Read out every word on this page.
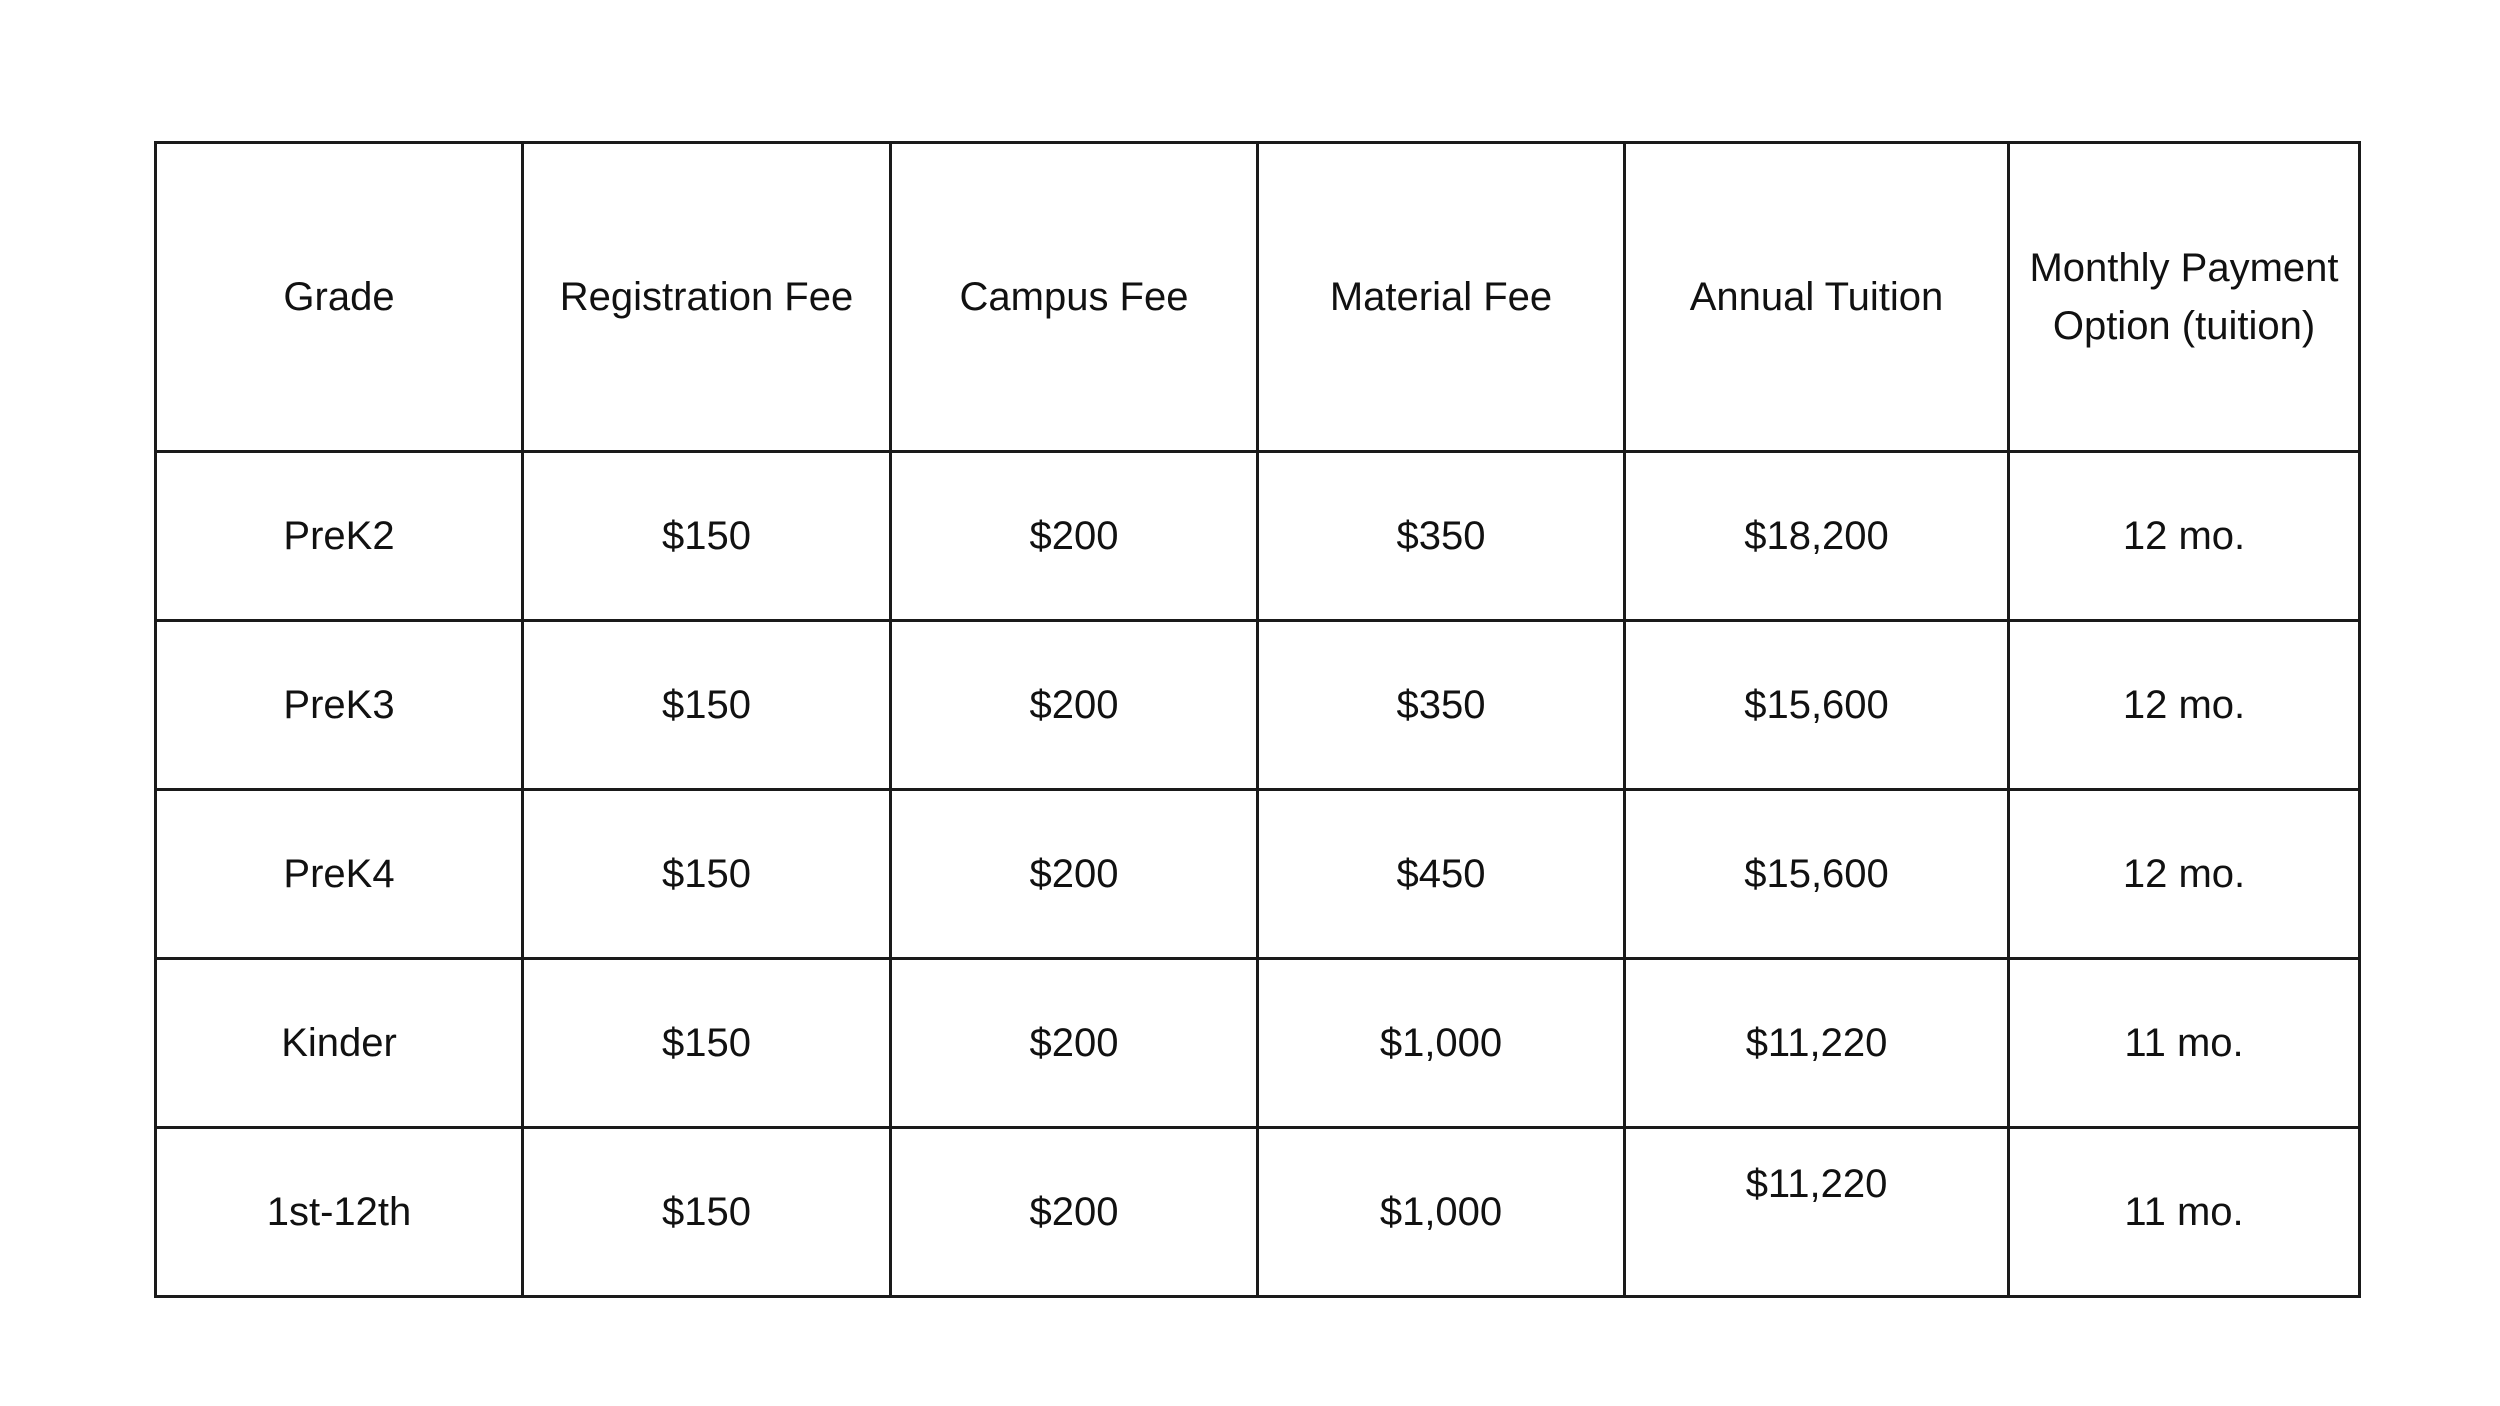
Grade	Registration Fee	Campus Fee	Material Fee	Annual Tuition	Monthly Payment Option (tuition)
PreK2	$150	$200	$350	$18,200	12 mo.
PreK3	$150	$200	$350	$15,600	12 mo.
PreK4	$150	$200	$450	$15,600	12 mo.
Kinder	$150	$200	$1,000	$11,220	11 mo.
1st-12th	$150	$200	$1,000	$11,220	11 mo.
